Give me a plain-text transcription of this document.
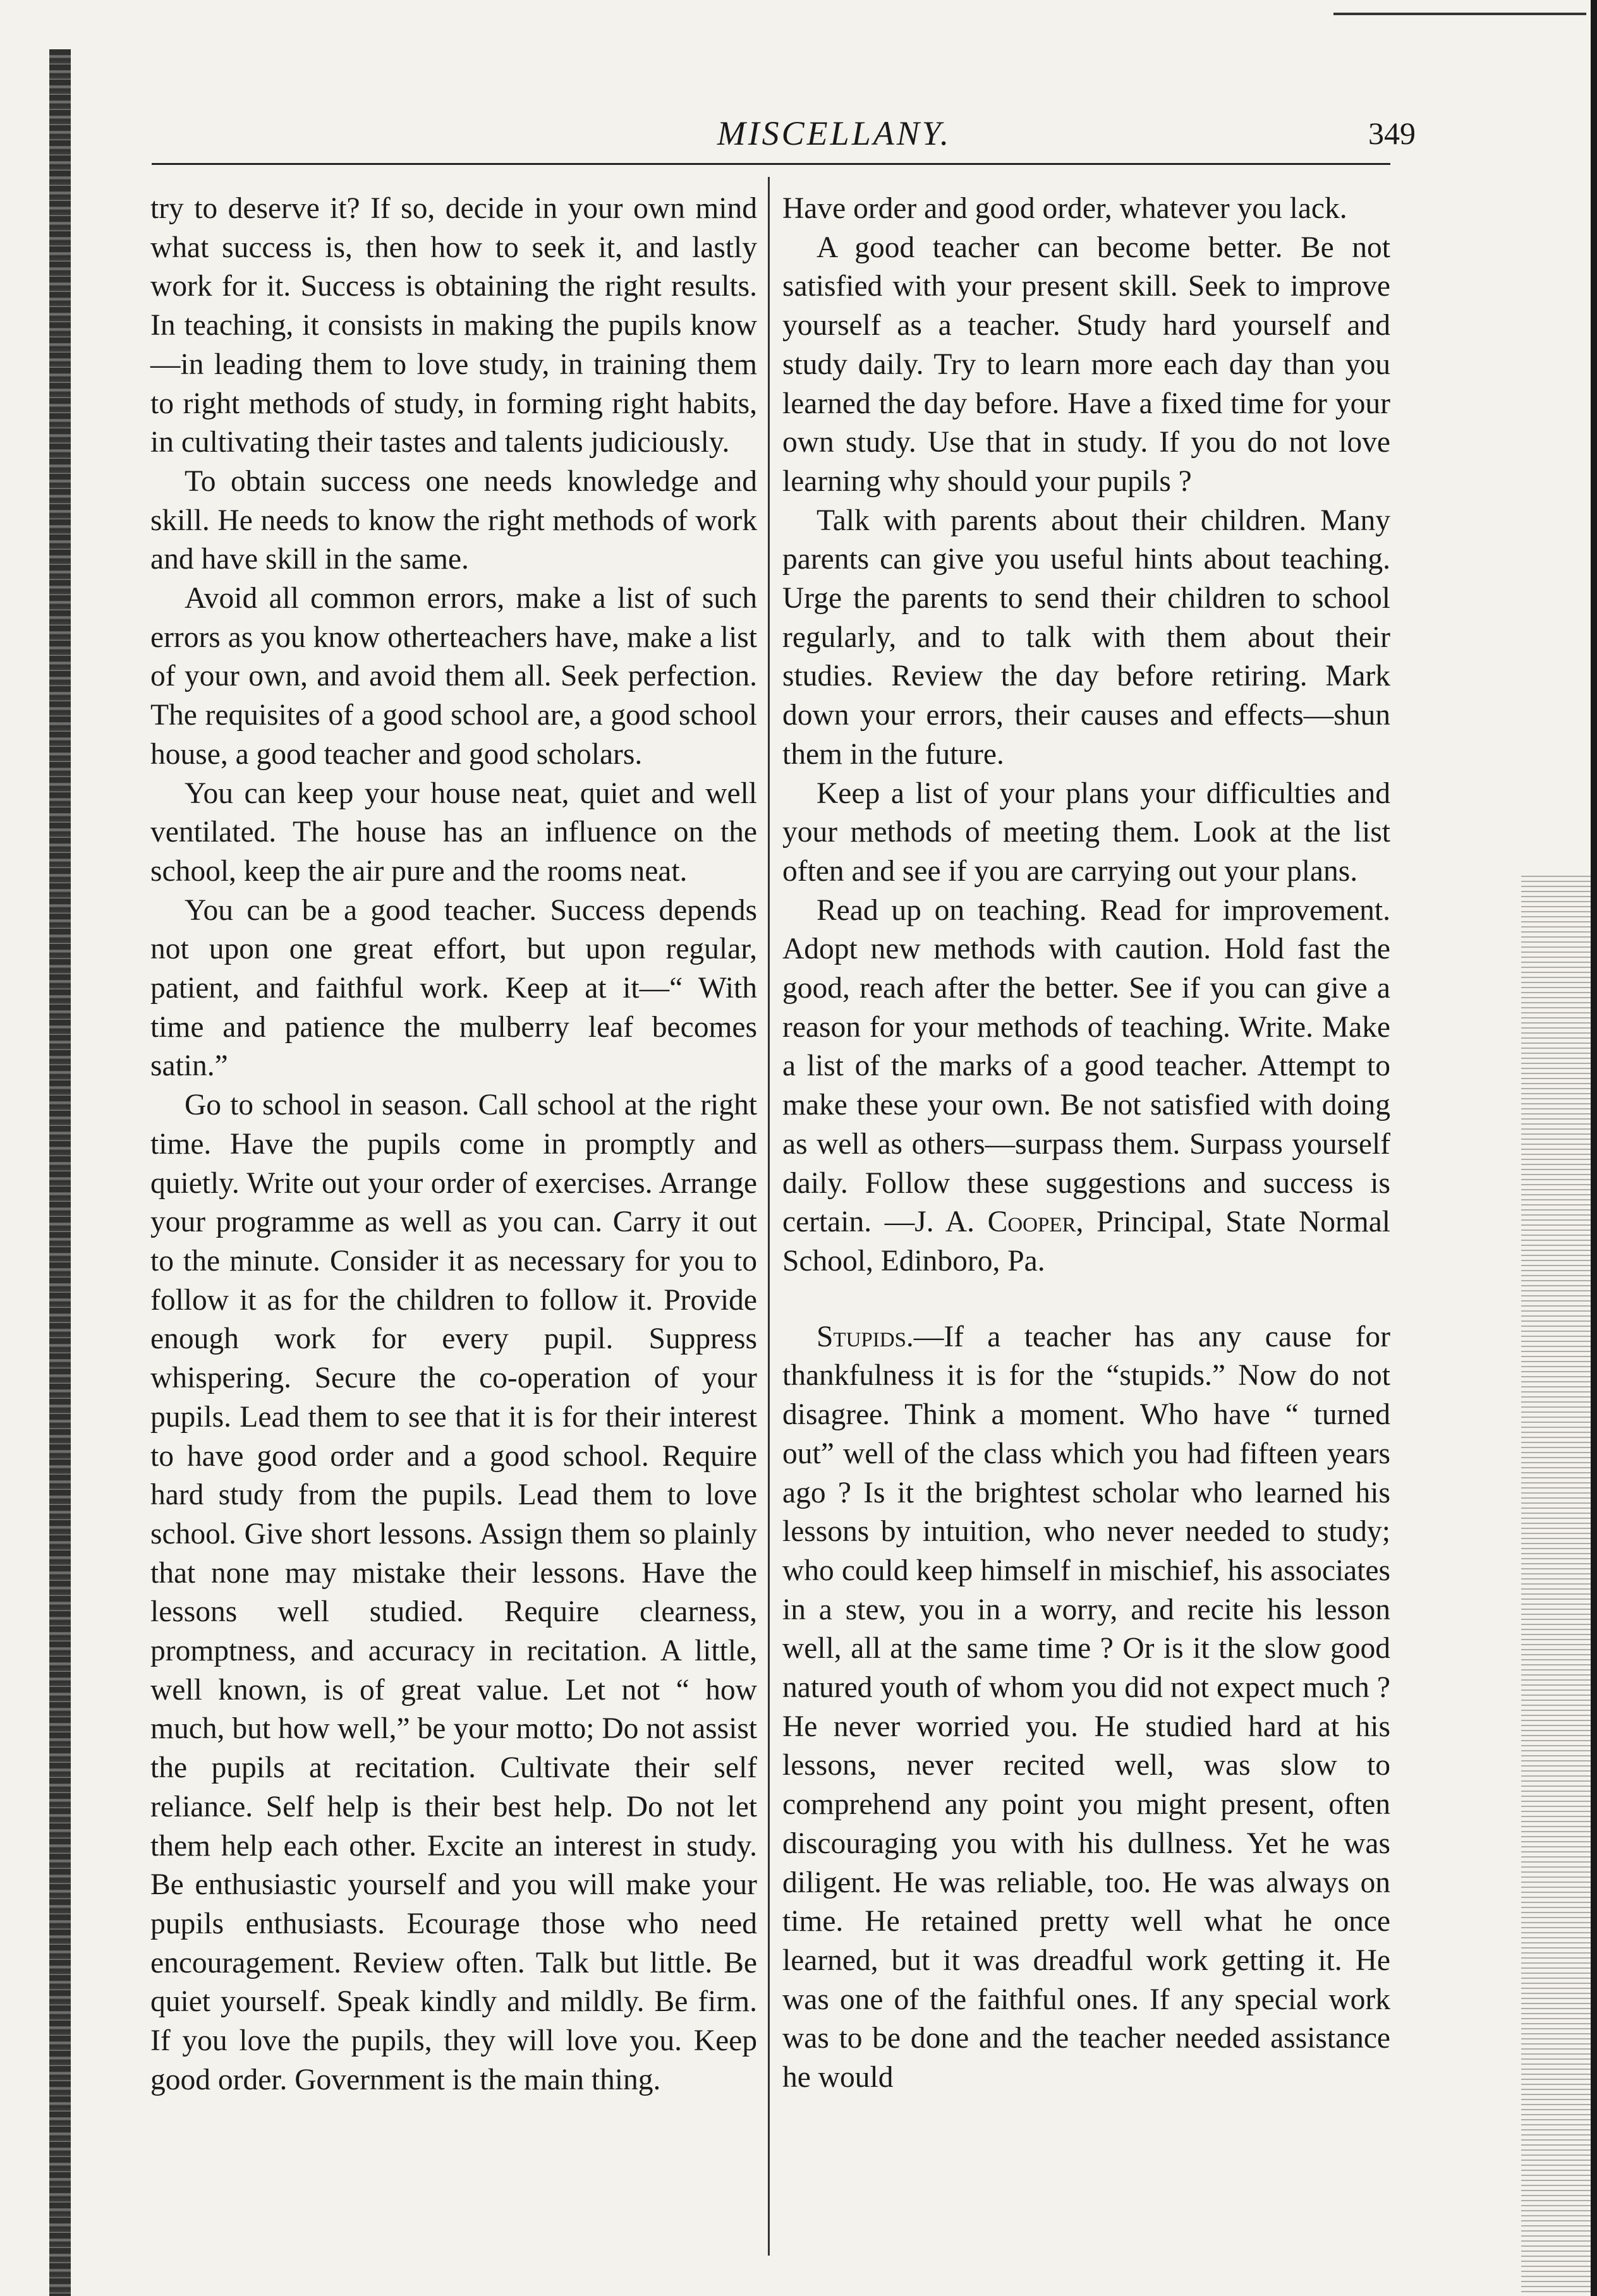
MISCELLANY.	349

try to deserve it? If so, decide in your own mind what success is, then how to seek it, and lastly work for it. Success is obtaining the right results. In teaching, it consists in making the pupils know—in leading them to love study, in training them to right methods of study, in forming right habits, in cultivating their tastes and talents judiciously.

To obtain success one needs knowledge and skill. He needs to know the right methods of work and have skill in the same.

Avoid all common errors, make a list of such errors as you know otherteachers have, make a list of your own, and avoid them all. Seek perfection. The requisites of a good school are, a good school house, a good teacher and good scholars.

You can keep your house neat, quiet and well ventilated. The house has an influence on the school, keep the air pure and the rooms neat.

You can be a good teacher. Success depends not upon one great effort, but upon regular, patient, and faithful work. Keep at it—“ With time and patience the mulberry leaf becomes satin.”

Go to school in season. Call school at the right time. Have the pupils come in promptly and quietly. Write out your order of exercises. Arrange your programme as well as you can. Carry it out to the minute. Consider it as necessary for you to follow it as for the children to follow it. Provide enough work for every pupil. Suppress whispering. Secure the co-operation of your pupils. Lead them to see that it is for their interest to have good order and a good school. Require hard study from the pupils. Lead them to love school. Give short lessons. Assign them so plainly that none may mistake their lessons. Have the lessons well studied. Require clearness, promptness, and accuracy in recitation. A little, well known, is of great value. Let not “ how much, but how well,” be your motto; Do not assist the pupils at recitation. Cultivate their self reliance. Self help is their best help. Do not let them help each other. Excite an interest in study. Be enthusiastic yourself and you will make your pupils enthusiasts. Ecourage those who need encouragement. Review often. Talk but little. Be quiet yourself. Speak kindly and mildly. Be firm. If you love the pupils, they will love you. Keep good order. Government is the main thing.

Have order and good order, whatever you lack.

A good teacher can become better. Be not satisfied with your present skill. Seek to improve yourself as a teacher. Study hard yourself and study daily. Try to learn more each day than you learned the day before. Have a fixed time for your own study. Use that in study. If you do not love learning why should your pupils ?

Talk with parents about their children. Many parents can give you useful hints about teaching. Urge the parents to send their children to school regularly, and to talk with them about their studies. Review the day before retiring. Mark down your errors, their causes and effects—shun them in the future.

Keep a list of your plans your difficulties and your methods of meeting them. Look at the list often and see if you are carrying out your plans.

Read up on teaching. Read for improvement. Adopt new methods with caution. Hold fast the good, reach after the better. See if you can give a reason for your methods of teaching. Write. Make a list of the marks of a good teacher. Attempt to make these your own. Be not satisfied with doing as well as others—surpass them. Surpass yourself daily. Follow these suggestions and success is certain. —J. A. Cooper, Principal, State Normal School, Edinboro, Pa.

Stupids.—If a teacher has any cause for thankfulness it is for the “stupids.” Now do not disagree. Think a moment. Who have “ turned out” well of the class which you had fifteen years ago ? Is it the brightest scholar who learned his lessons by intuition, who never needed to study; who could keep himself in mischief, his associates in a stew, you in a worry, and recite his lesson well, all at the same time ? Or is it the slow good natured youth of whom you did not expect much ? He never worried you. He studied hard at his lessons, never recited well, was slow to comprehend any point you might present, often discouraging you with his dullness. Yet he was diligent. He was reliable, too. He was always on time. He retained pretty well what he once learned, but it was dreadful work getting it. He was one of the faithful ones. If any special work was to be done and the teacher needed assistance he would
